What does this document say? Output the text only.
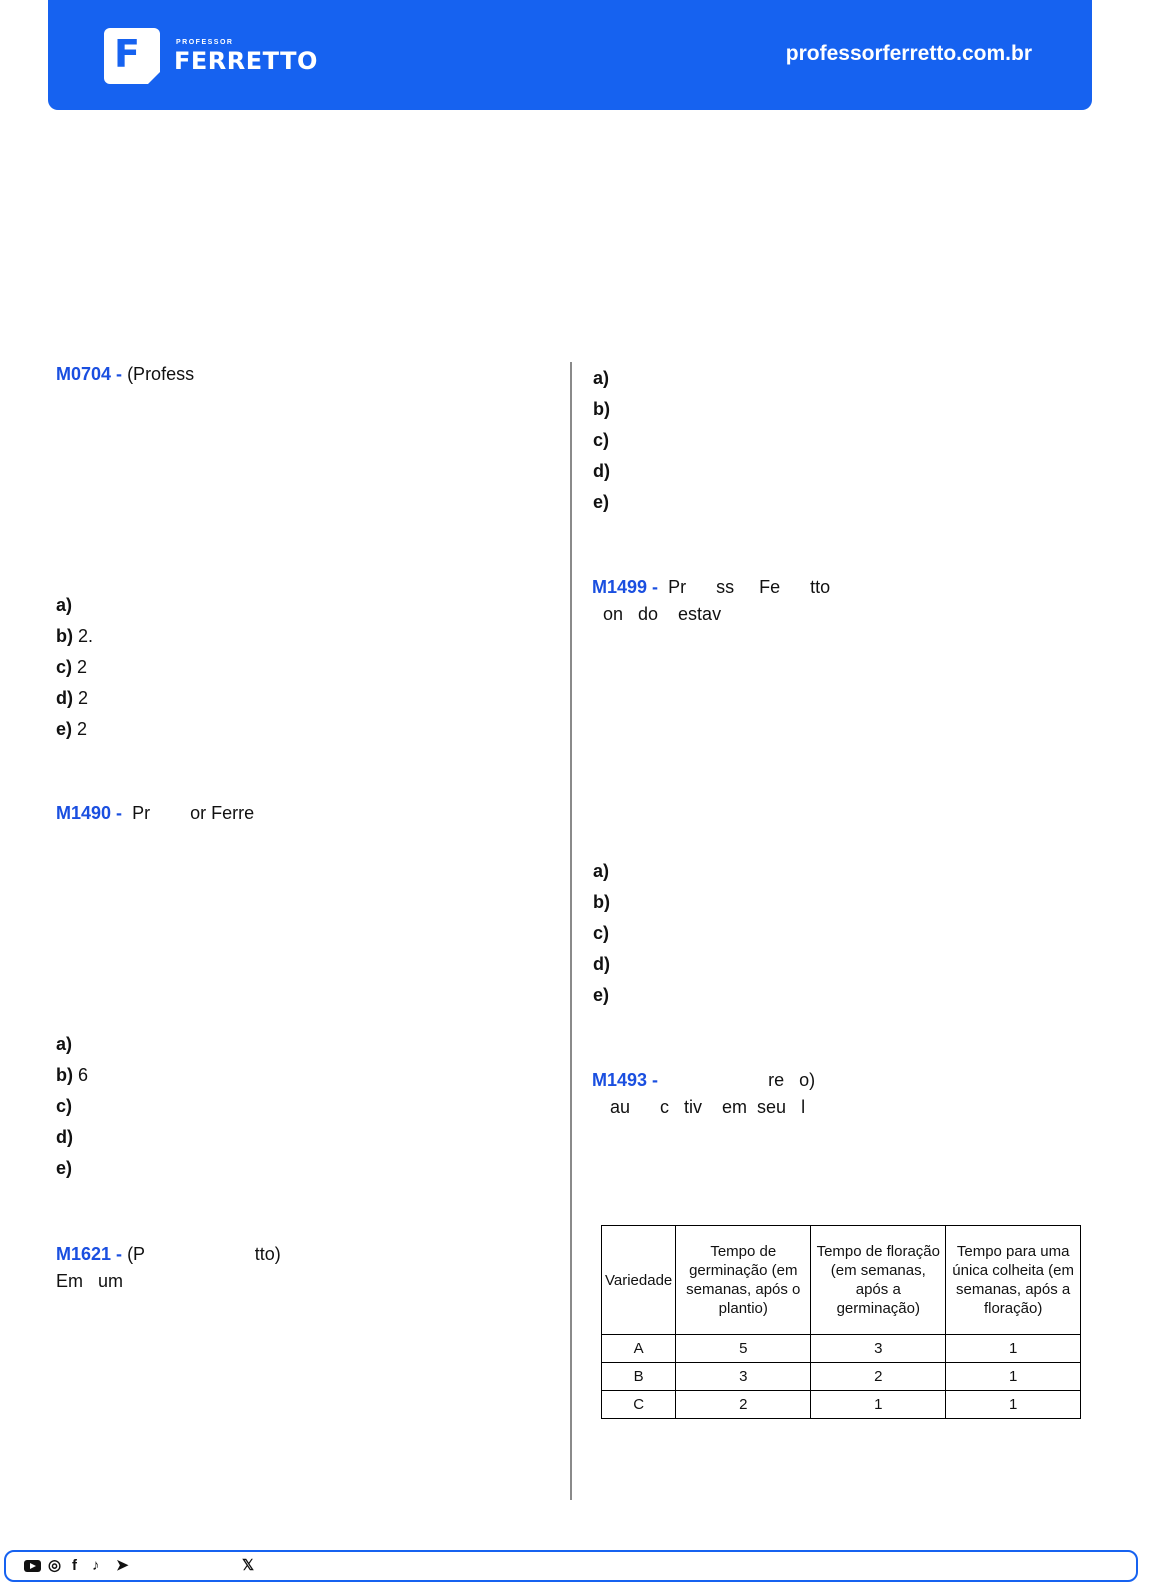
F	PROFESSOR
FERRETTO	professorferretto.com.br
M0704 - (Profess
a)
b) 2.
c) 2
d) 2
e) 2
M1490 -  Pr        or Ferre
a)
b) 6
c)
d)
e)
M1621 - (P                      tto)
Em   um
a)
b)
c)
d)
e)
M1499 -  Pr      ss     Fe      tto
on   do    estav
a)
b)
c)
d)
e)
M1493 -                      re   o)
au      c   tiv    em  seu   l
Variedade	Tempo de germinação (em semanas, após o plantio)	Tempo de floração (em semanas, após a germinação)	Tempo para uma única colheita (em semanas, após a floração)
A	5	3	1
B	3	2	1
C	2	1	1
◎ f ♪ ➤	𝕏
